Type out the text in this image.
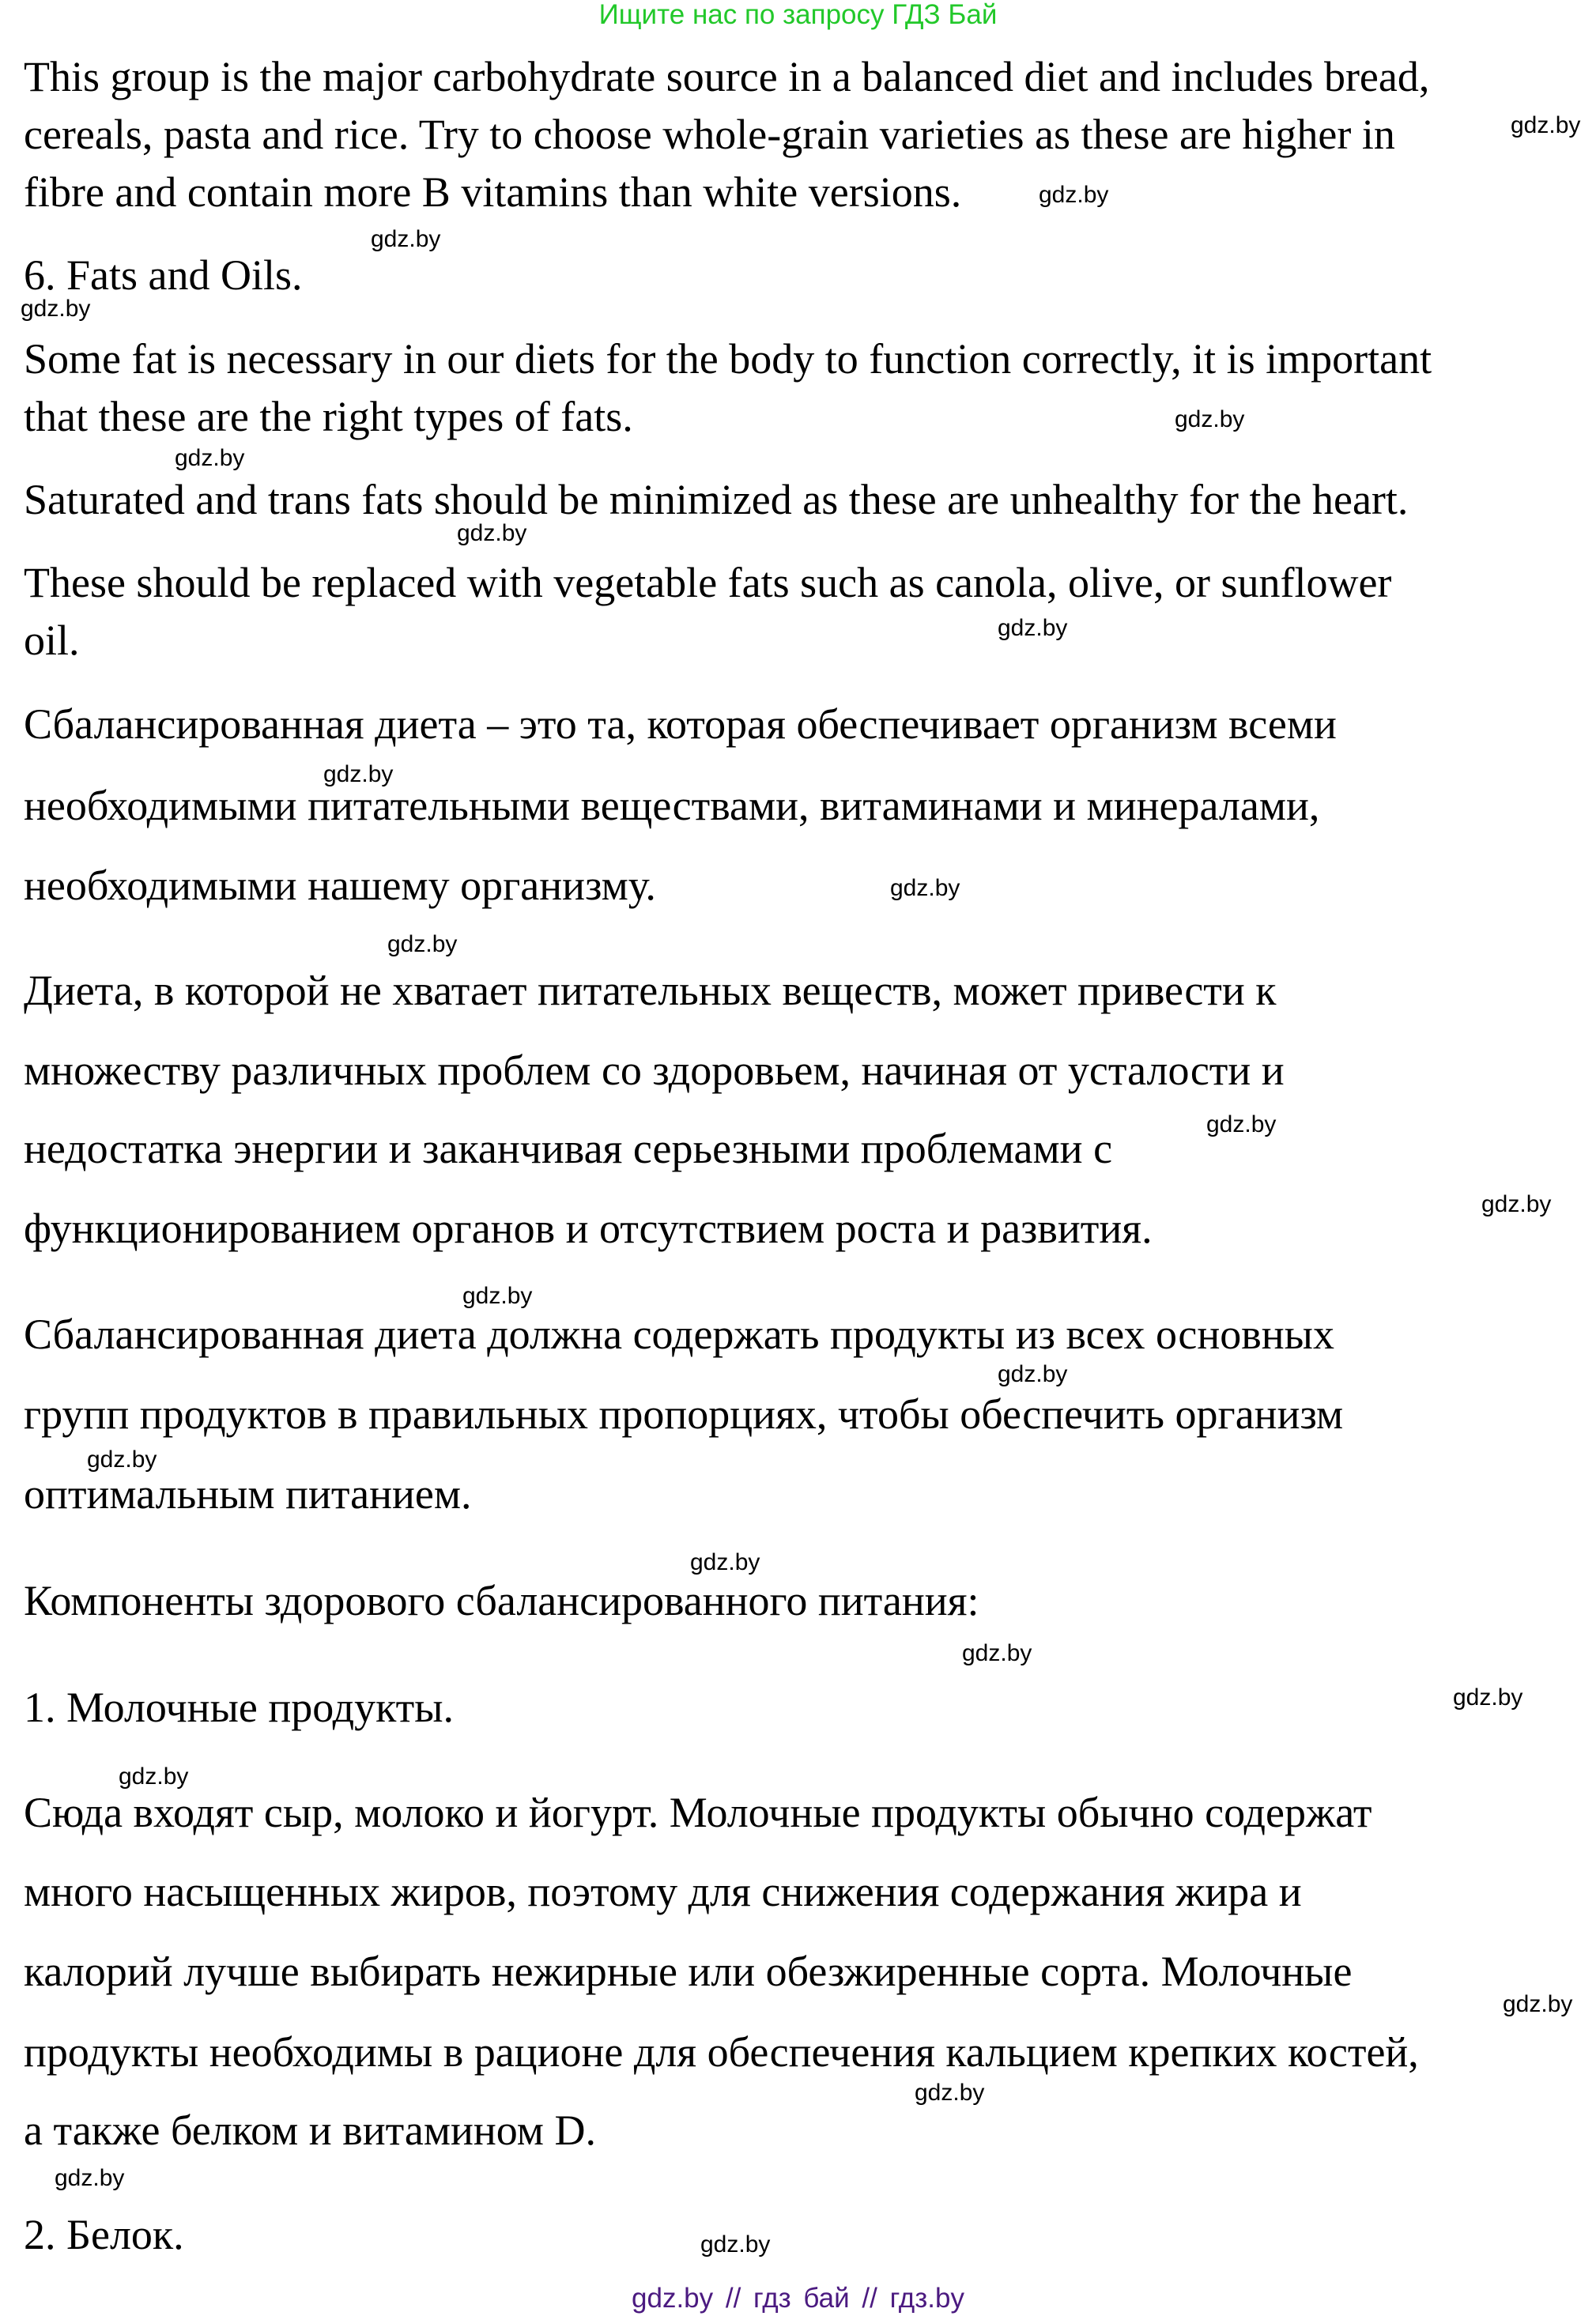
Ищите нас по запросу ГДЗ Бай
This group is the major carbohydrate source in a balanced diet and includes bread,
cereals, pasta and rice. Try to choose whole-grain varieties as these are higher in
fibre and contain more B vitamins than white versions.
6. Fats and Oils.
Some fat is necessary in our diets for the body to function correctly, it is important
that these are the right types of fats.
Saturated and trans fats should be minimized as these are unhealthy for the heart.
These should be replaced with vegetable fats such as canola, olive, or sunflower
oil.
Сбалансированная диета – это та, которая обеспечивает организм всеми
необходимыми питательными веществами, витаминами и минералами,
необходимыми нашему организму.
Диета, в которой не хватает питательных веществ, может привести к
множеству различных проблем со здоровьем, начиная от усталости и
недостатка энергии и заканчивая серьезными проблемами с
функционированием органов и отсутствием роста и развития.
Сбалансированная диета должна содержать продукты из всех основных
групп продуктов в правильных пропорциях, чтобы обеспечить организм
оптимальным питанием.
Компоненты здорового сбалансированного питания:
1. Молочные продукты.
Сюда входят сыр, молоко и йогурт. Молочные продукты обычно содержат
много насыщенных жиров, поэтому для снижения содержания жира и
калорий лучше выбирать нежирные или обезжиренные сорта. Молочные
продукты необходимы в рационе для обеспечения кальцием крепких костей,
а также белком и витамином D.
2. Белок.
gdz.by
gdz.by
gdz.by
gdz.by
gdz.by
gdz.by
gdz.by
gdz.by
gdz.by
gdz.by
gdz.by
gdz.by
gdz.by
gdz.by
gdz.by
gdz.by
gdz.by
gdz.by
gdz.by
gdz.by
gdz.by
gdz.by
gdz.by
gdz.by
gdz.by // гдз бай // гдз.by
